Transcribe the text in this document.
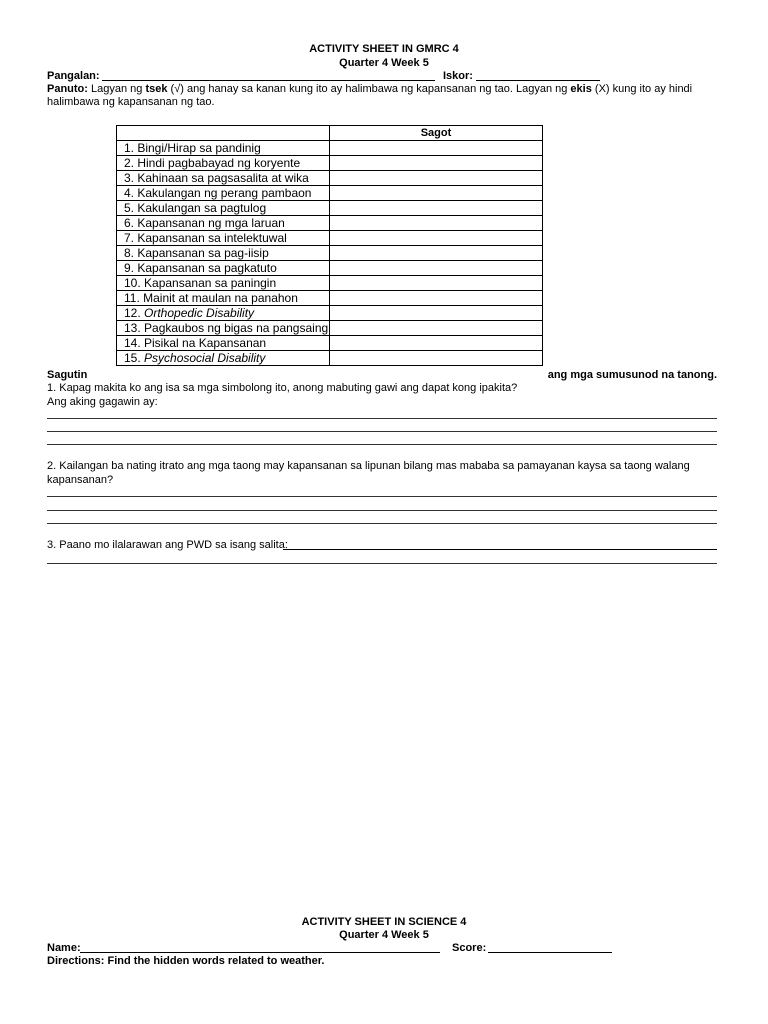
ACTIVITY SHEET IN GMRC 4
Quarter 4 Week 5
Pangalan:	Iskor:
Panuto: Lagyan ng tsek (√) ang hanay sa kanan kung ito ay halimbawa ng kapansanan ng tao. Lagyan ng ekis (X) kung ito ay hindi
halimbawa ng kapansanan ng tao.
	Sagot
1. Bingi/Hirap sa pandinig	
2. Hindi pagbabayad ng koryente	
3. Kahinaan sa pagsasalita at wika	
4. Kakulangan ng perang pambaon	
5. Kakulangan sa pagtulog	
6. Kapansanan ng mga laruan	
7. Kapansanan sa intelektuwal	
8. Kapansanan sa pag-iisip	
9. Kapansanan sa pagkatuto	
10. Kapansanan sa paningin	
11. Mainit at maulan na panahon	
12. Orthopedic Disability	
13. Pagkaubos ng bigas na pangsaing	
14. Pisikal na Kapansanan	
15. Psychosocial Disability	
Sagutin	ang mga sumusunod na tanong.
1. Kapag makita ko ang isa sa mga simbolong ito, anong mabuting gawi ang dapat kong ipakita?
Ang aking gagawin ay:
2. Kailangan ba nating itrato ang mga taong may kapansanan sa lipunan bilang mas mababa sa pamayanan kaysa sa taong walang
kapansanan?
3. Paano mo ilalarawan ang PWD sa isang salita:
ACTIVITY SHEET IN SCIENCE 4
Quarter 4 Week 5
Name:	Score:
Directions: Find the hidden words related to weather.
